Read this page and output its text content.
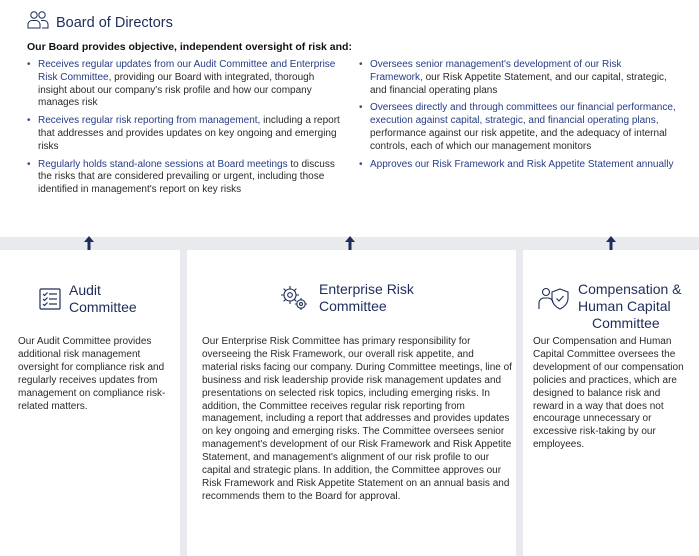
Board of Directors
Our Board provides objective, independent oversight of risk and:
• Receives regular updates from our Audit Committee and Enterprise Risk Committee, providing our Board with integrated, thorough insight about our company's risk profile and how our company manages risk
• Receives regular risk reporting from management, including a report that addresses and provides updates on key ongoing and emerging risks
• Regularly holds stand-alone sessions at Board meetings to discuss the risks that are considered prevailing or urgent, including those identified in management's report on key risks
• Oversees senior management's development of our Risk Framework, our Risk Appetite Statement, and our capital, strategic, and financial operating plans
• Oversees directly and through committees our financial performance, execution against capital, strategic, and financial operating plans, performance against our risk appetite, and the adequacy of internal controls, each of which our management monitors
• Approves our Risk Framework and Risk Appetite Statement annually
Audit
Committee
Our Audit Committee provides additional risk management oversight for compliance risk and regularly receives updates from management on compliance risk-related matters.
Enterprise Risk
Committee
Our Enterprise Risk Committee has primary responsibility for overseeing the Risk Framework, our overall risk appetite, and material risks facing our company. During Committee meetings, line of business and risk leadership provide risk management updates and presentations on selected risk topics, including emerging risks. In addition, the Committee receives regular risk reporting from management, including a report that addresses and provides updates on key ongoing and emerging risks. The Committee oversees senior management's development of our Risk Framework and Risk Appetite Statement, and management's alignment of our risk profile to our capital and strategic plans. In addition, the Committee approves our Risk Framework and Risk Appetite Statement on an annual basis and recommends them to the Board for approval.
Compensation &
Human Capital
Committee
Our Compensation and Human Capital Committee oversees the development of our compensation policies and practices, which are designed to balance risk and reward in a way that does not encourage unnecessary or excessive risk-taking by our employees.
